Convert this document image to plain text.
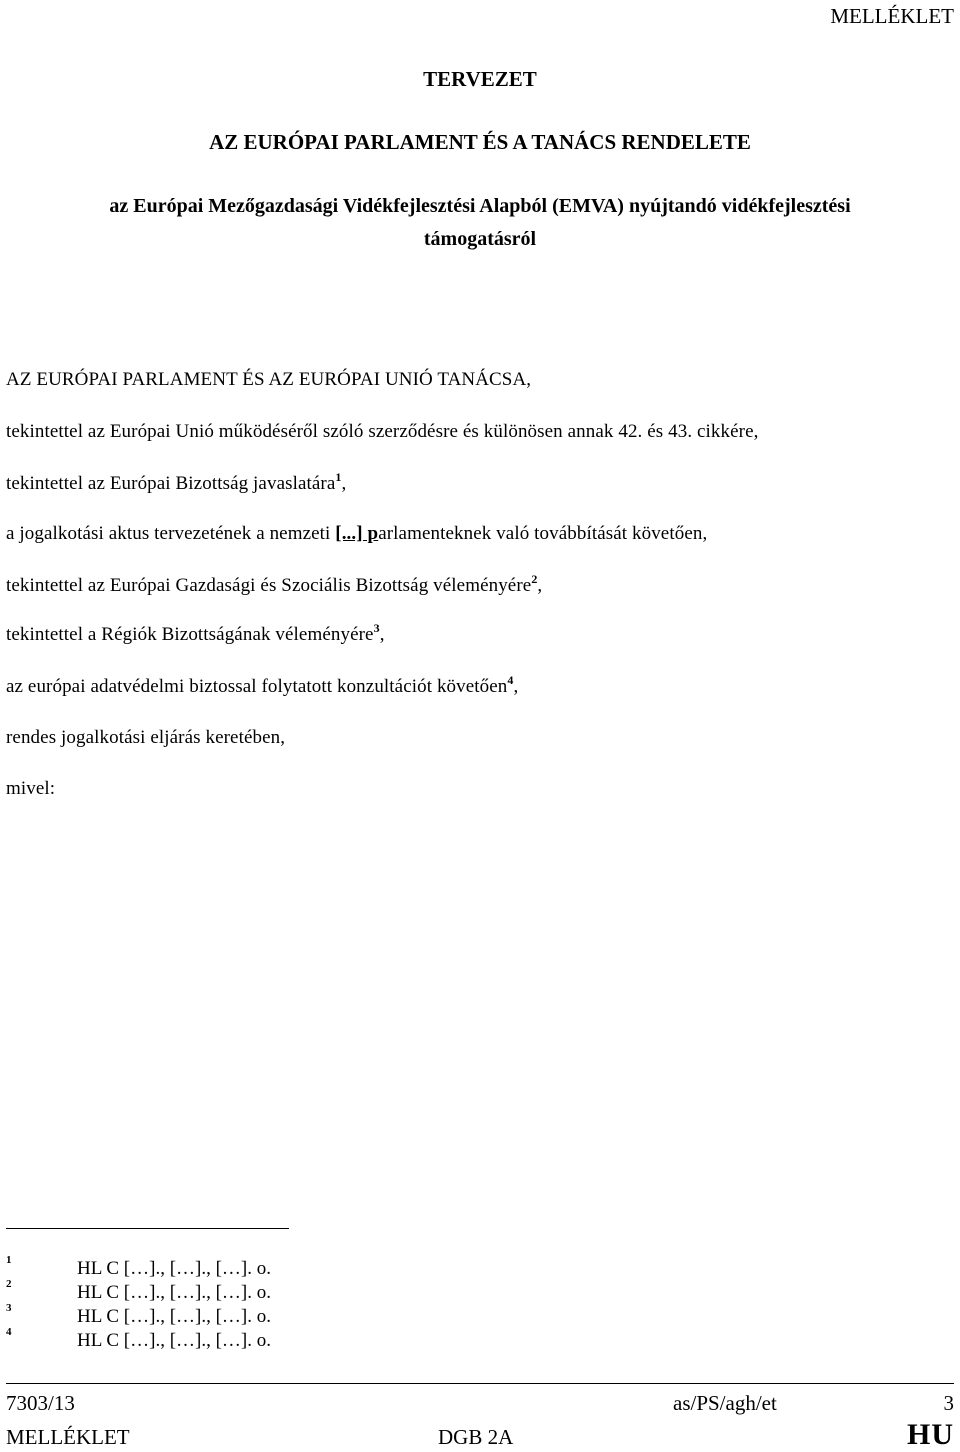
MELLÉKLET
TERVEZET
AZ EURÓPAI PARLAMENT ÉS A TANÁCS RENDELETE
az Európai Mezőgazdasági Vidékfejlesztési Alapból (EMVA) nyújtandó vidékfejlesztési
támogatásról
AZ EURÓPAI PARLAMENT ÉS AZ EURÓPAI UNIÓ TANÁCSA,
tekintettel az Európai Unió működéséről szóló szerződésre és különösen annak 42. és 43. cikkére,
tekintettel az Európai Bizottság javaslatára$^1$,
a jogalkotási aktus tervezetének a nemzeti [...] parlamenteknek való továbbítását követően,
tekintettel az Európai Gazdasági és Szociális Bizottság véleményére$^2$,
tekintettel a Régiók Bizottságának véleményére$^3$,
az európai adatvédelmi biztossal folytatott konzultációt követően$^4$,
rendes jogalkotási eljárás keretében,
mivel:
1	HL C […]., […]., […]. o.
2	HL C […]., […]., […]. o.
3	HL C […]., […]., […]. o.
4	HL C […]., […]., […]. o.
7303/13	as/PS/agh/et	3
MELLÉKLET	DGB 2A	HU
